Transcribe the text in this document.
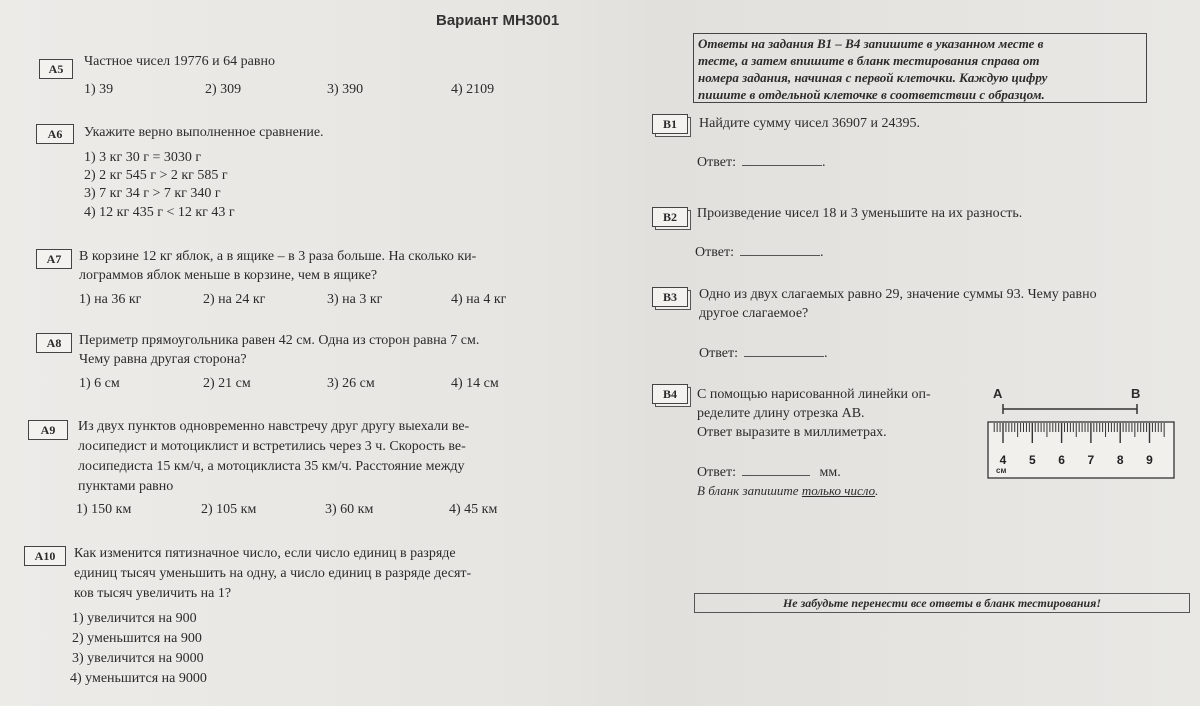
Вариант МН3001
А5	Частное чисел 19776 и 64 равно
1) 39	2) 309	3) 390	4) 2109
А6	Укажите верно выполненное сравнение.
1) 3 кг 30 г = 3030 г
2) 2 кг 545 г > 2 кг 585 г
3) 7 кг 34 г > 7 кг 340 г
4) 12 кг 435 г < 12 кг 43 г
А7	В корзине 12 кг яблок, а в ящике – в 3 раза больше. На сколько ки-
лограммов яблок меньше в корзине, чем в ящике?
1) на 36 кг	2) на 24 кг	3) на 3 кг	4) на 4 кг
А8	Периметр прямоугольника равен 42 см. Одна из сторон равна 7 см.
Чему равна другая сторона?
1) 6 см	2) 21 см	3) 26 см	4) 14 см
А9	Из двух пунктов одновременно навстречу друг другу выехали ве-
лосипедист и мотоциклист и встретились через 3 ч. Скорость ве-
лосипедиста 15 км/ч, а мотоциклиста 35 км/ч. Расстояние между
пунктами равно
1) 150 км	2) 105 км	3) 60 км	4) 45 км
А10	Как изменится пятизначное число, если число единиц в разряде
единиц тысяч уменьшить на одну, а число единиц в разряде десят-
ков тысяч увеличить на 1?
1) увеличится на 900
2) уменьшится на 900
3) увеличится на 9000
4) уменьшится на 9000
Ответы на задания В1 – В4 запишите в указанном месте в
тесте, а затем впишите в бланк тестирования справа от
номера задания, начиная с первой клеточки. Каждую цифру
пишите в отдельной клеточке в соответствии с образцом.
В1	Найдите сумму чисел 36907 и 24395.
Ответ:	.
В2	Произведение чисел 18 и 3 уменьшите на их разность.
Ответ:	.
В3	Одно из двух слагаемых равно 29, значение суммы 93. Чему равно
другое слагаемое?
Ответ:	.
В4	С помощью нарисованной линейки оп-
ределите длину отрезка АВ.
Ответ выразите в миллиметрах.
Ответ:	мм.
В бланк запишите только число.
A	B
4 5 6 7 8 9
см
Не забудьте перенести все ответы в бланк тестирования!
